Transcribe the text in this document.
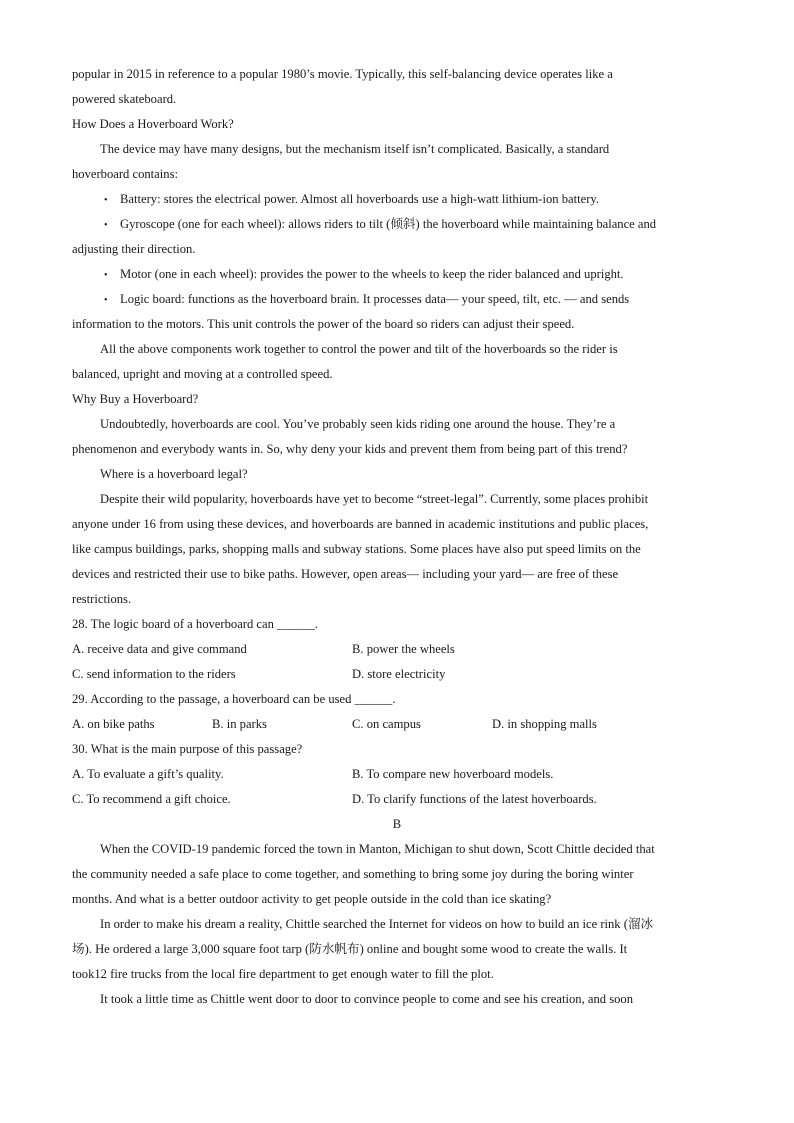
popular in 2015 in reference to a popular 1980’s movie. Typically, this self-balancing device operates like a
powered skateboard.
How Does a Hoverboard Work?
The device may have many designs, but the mechanism itself isn’t complicated. Basically, a standard
hoverboard contains:
• Battery: stores the electrical power. Almost all hoverboards use a high-watt lithium-ion battery.
• Gyroscope (one for each wheel): allows riders to tilt (倾斜) the hoverboard while maintaining balance and
adjusting their direction.
• Motor (one in each wheel): provides the power to the wheels to keep the rider balanced and upright.
• Logic board: functions as the hoverboard brain. It processes data— your speed, tilt, etc. — and sends
information to the motors. This unit controls the power of the board so riders can adjust their speed.
All the above components work together to control the power and tilt of the hoverboards so the rider is
balanced, upright and moving at a controlled speed.
Why Buy a Hoverboard?
Undoubtedly, hoverboards are cool. You’ve probably seen kids riding one around the house. They’re a
phenomenon and everybody wants in. So, why deny your kids and prevent them from being part of this trend?
Where is a hoverboard legal?
Despite their wild popularity, hoverboards have yet to become “street-legal”. Currently, some places prohibit
anyone under 16 from using these devices, and hoverboards are banned in academic institutions and public places,
like campus buildings, parks, shopping malls and subway stations. Some places have also put speed limits on the
devices and restricted their use to bike paths. However, open areas— including your yard— are free of these
restrictions.
28. The logic board of a hoverboard can ______.
A. receive data and give command	B. power the wheels
C. send information to the riders	D. store electricity
29. According to the passage, a hoverboard can be used ______.
A. on bike paths	B. in parks	C. on campus	D. in shopping malls
30. What is the main purpose of this passage?
A. To evaluate a gift’s quality.	B. To compare new hoverboard models.
C. To recommend a gift choice.	D. To clarify functions of the latest hoverboards.
B
When the COVID-19 pandemic forced the town in Manton, Michigan to shut down, Scott Chittle decided that
the community needed a safe place to come together, and something to bring some joy during the boring winter
months. And what is a better outdoor activity to get people outside in the cold than ice skating?
In order to make his dream a reality, Chittle searched the Internet for videos on how to build an ice rink (溜冰
场). He ordered a large 3,000 square foot tarp (防水帆布) online and bought some wood to create the walls. It
took12 fire trucks from the local fire department to get enough water to fill the plot.
It took a little time as Chittle went door to door to convince people to come and see his creation, and soon
